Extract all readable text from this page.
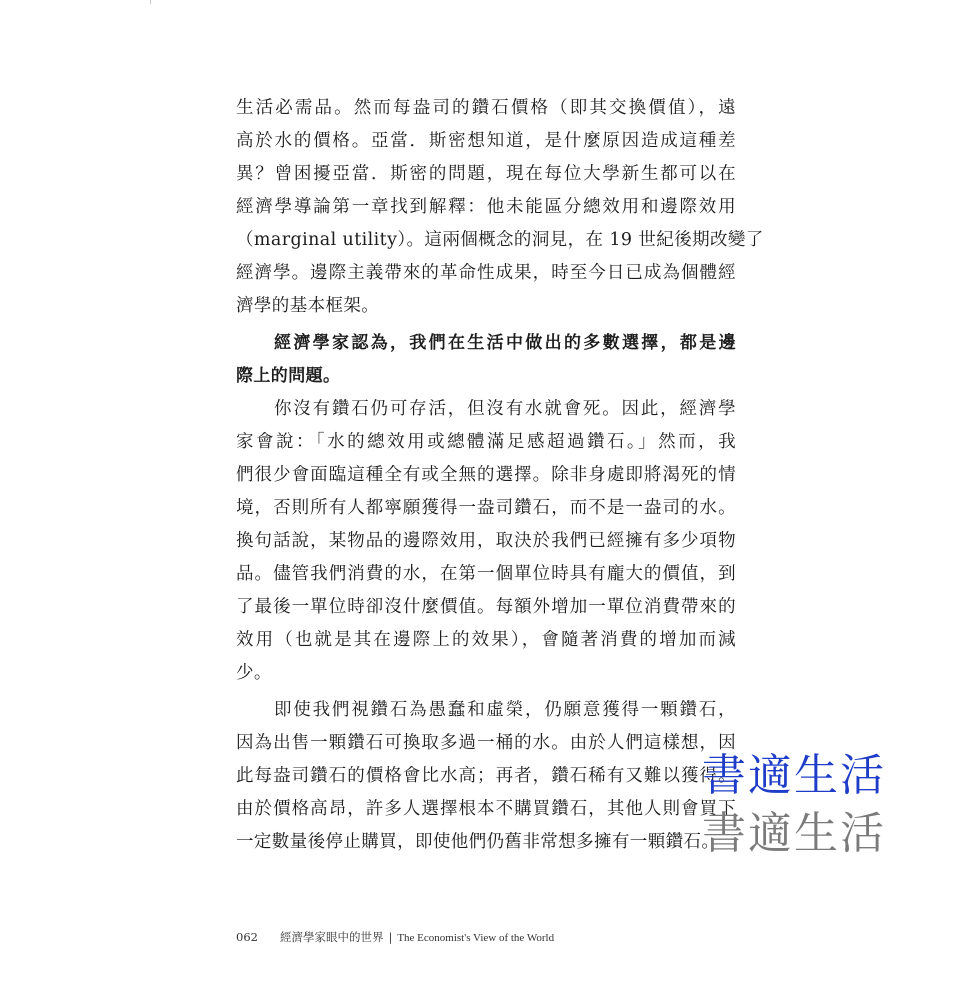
生活必需品。然而每盎司的鑽石價格（即其交換價值），遠
高於水的價格。亞當．斯密想知道，是什麼原因造成這種差
異？曾困擾亞當．斯密的問題，現在每位大學新生都可以在
經濟學導論第一章找到解釋：他未能區分總效用和邊際效用
（marginal utility）。這兩個概念的洞見，在 19 世紀後期改變了
經濟學。邊際主義帶來的革命性成果，時至今日已成為個體經
濟學的基本框架。
經濟學家認為，我們在生活中做出的多數選擇，都是邊
際上的問題。
你沒有鑽石仍可存活，但沒有水就會死。因此，經濟學
家會說：「水的總效用或總體滿足感超過鑽石。」然而，我
們很少會面臨這種全有或全無的選擇。除非身處即將渴死的情
境，否則所有人都寧願獲得一盎司鑽石，而不是一盎司的水。
換句話說，某物品的邊際效用，取決於我們已經擁有多少項物
品。儘管我們消費的水，在第一個單位時具有龐大的價值，到
了最後一單位時卻沒什麼價值。每額外增加一單位消費帶來的
效用（也就是其在邊際上的效果），會隨著消費的增加而減
少。
即使我們視鑽石為愚蠢和虛榮，仍願意獲得一顆鑽石，
因為出售一顆鑽石可換取多過一桶的水。由於人們這樣想，因
此每盎司鑽石的價格會比水高；再者，鑽石稀有又難以獲得。
由於價格高昂，許多人選擇根本不購買鑽石，其他人則會買下
一定數量後停止購買，即使他們仍舊非常想多擁有一顆鑽石。
書適生活
書適生活
062 經濟學家眼中的世界 | The Economist's View of the World
